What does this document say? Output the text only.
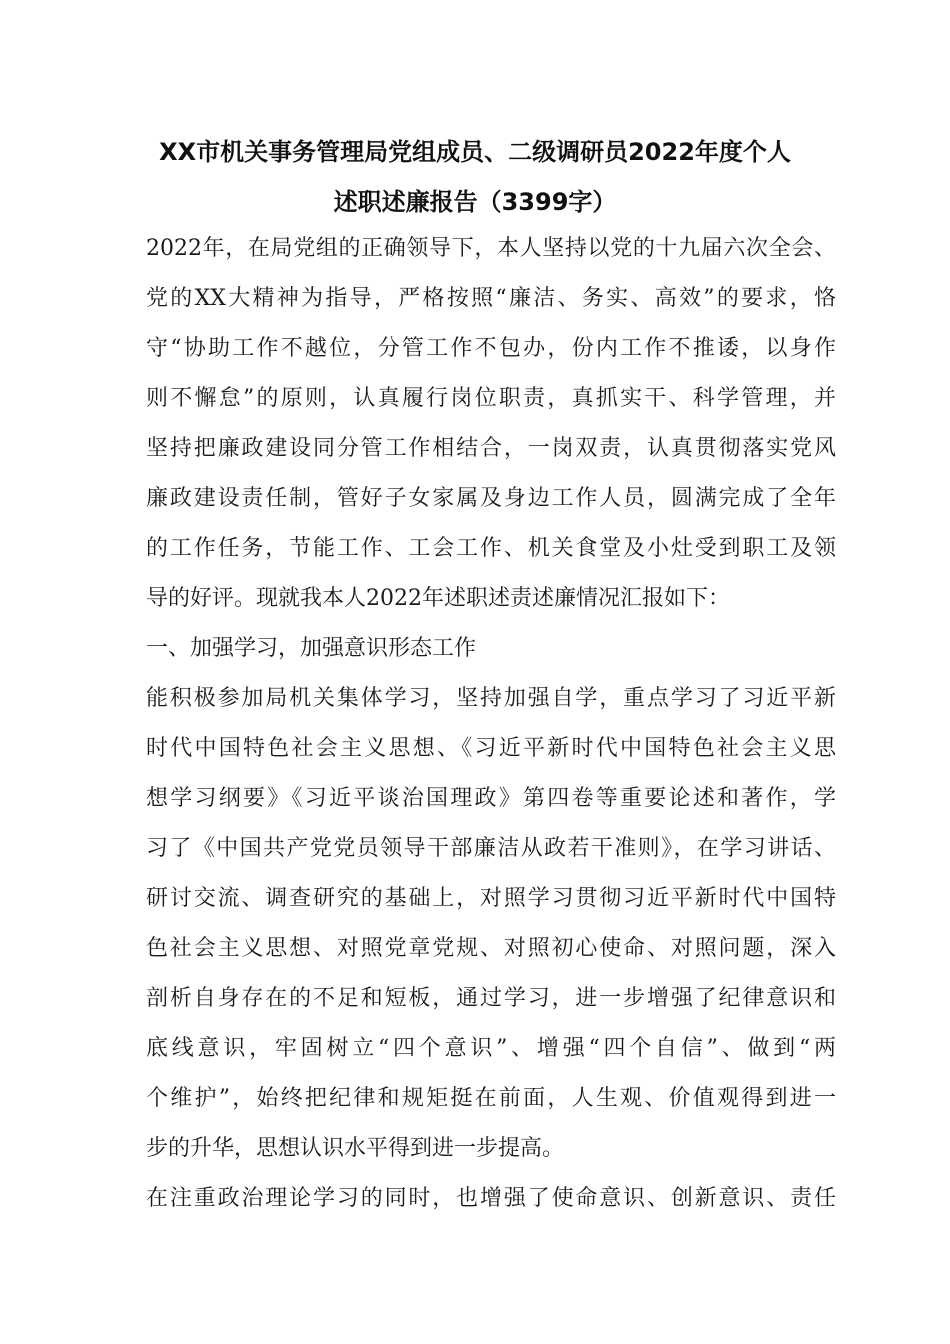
XX市机关事务管理局党组成员、二级调研员2022年度个人
述职述廉报告（3399字）
2022年，在局党组的正确领导下，本人坚持以党的十九届六次全会、
党的XX大精神为指导，严格按照“廉洁、务实、高效”的要求，恪
守“协助工作不越位，分管工作不包办，份内工作不推诿，以身作
则不懈怠”的原则，认真履行岗位职责，真抓实干、科学管理，并
坚持把廉政建设同分管工作相结合，一岗双责，认真贯彻落实党风
廉政建设责任制，管好子女家属及身边工作人员，圆满完成了全年
的工作任务，节能工作、工会工作、机关食堂及小灶受到职工及领
导的好评。现就我本人2022年述职述责述廉情况汇报如下：
一、加强学习，加强意识形态工作
能积极参加局机关集体学习，坚持加强自学，重点学习了习近平新
时代中国特色社会主义思想、《习近平新时代中国特色社会主义思
想学习纲要》《习近平谈治国理政》第四卷等重要论述和著作，学
习了《中国共产党党员领导干部廉洁从政若干准则》，在学习讲话、
研讨交流、调查研究的基础上，对照学习贯彻习近平新时代中国特
色社会主义思想、对照党章党规、对照初心使命、对照问题，深入
剖析自身存在的不足和短板，通过学习，进一步增强了纪律意识和
底线意识，牢固树立“四个意识”、增强“四个自信”、做到“两
个维护”，始终把纪律和规矩挺在前面，人生观、价值观得到进一
步的升华，思想认识水平得到进一步提高。
在注重政治理论学习的同时，也增强了使命意识、创新意识、责任
